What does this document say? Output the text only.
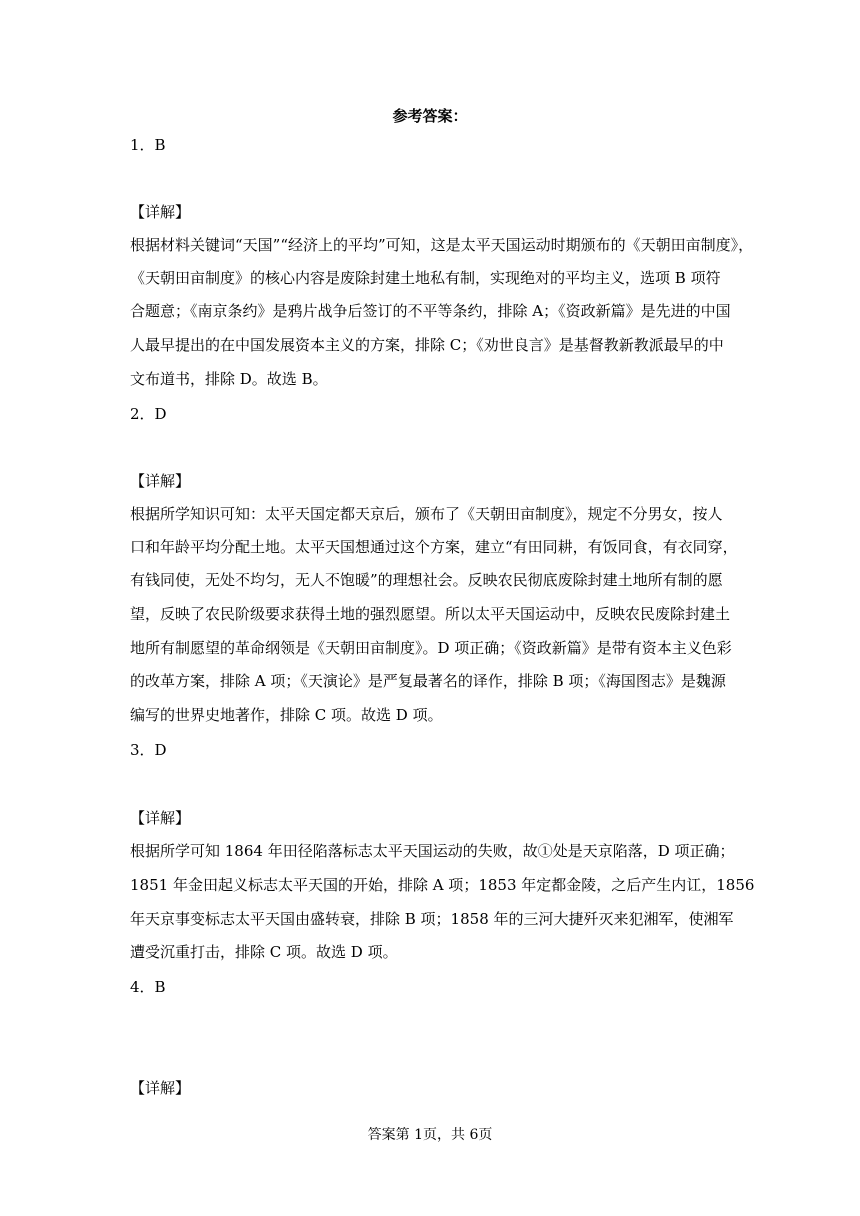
参考答案：
1．B
【详解】
根据材料关键词“天国”“经济上的平均”可知，这是太平天国运动时期颁布的《天朝田亩制度》，
《天朝田亩制度》的核心内容是废除封建土地私有制，实现绝对的平均主义，选项 B 项符
合题意；《南京条约》是鸦片战争后签订的不平等条约，排除 A；《资政新篇》是先进的中国
人最早提出的在中国发展资本主义的方案，排除 C；《劝世良言》是基督教新教派最早的中
文布道书，排除 D。故选 B。
2．D
【详解】
根据所学知识可知：太平天国定都天京后，颁布了《天朝田亩制度》，规定不分男女，按人
口和年龄平均分配土地。太平天国想通过这个方案，建立“有田同耕，有饭同食，有衣同穿，
有钱同使，无处不均匀，无人不饱暖”的理想社会。反映农民彻底废除封建土地所有制的愿
望，反映了农民阶级要求获得土地的强烈愿望。所以太平天国运动中，反映农民废除封建土
地所有制愿望的革命纲领是《天朝田亩制度》。D 项正确；《资政新篇》是带有资本主义色彩
的改革方案，排除 A 项；《天演论》是严复最著名的译作，排除 B 项；《海国图志》是魏源
编写的世界史地著作，排除 C 项。故选 D 项。
3．D
【详解】
根据所学可知 1864 年田径陷落标志太平天国运动的失败，故①处是天京陷落，D 项正确；
1851 年金田起义标志太平天国的开始，排除 A 项；1853 年定都金陵，之后产生内讧，1856
年天京事变标志太平天国由盛转衰，排除 B 项；1858 年的三河大捷歼灭来犯湘军，使湘军
遭受沉重打击，排除 C 项。故选 D 项。
4．B
【详解】
答案第 1页，共 6页
